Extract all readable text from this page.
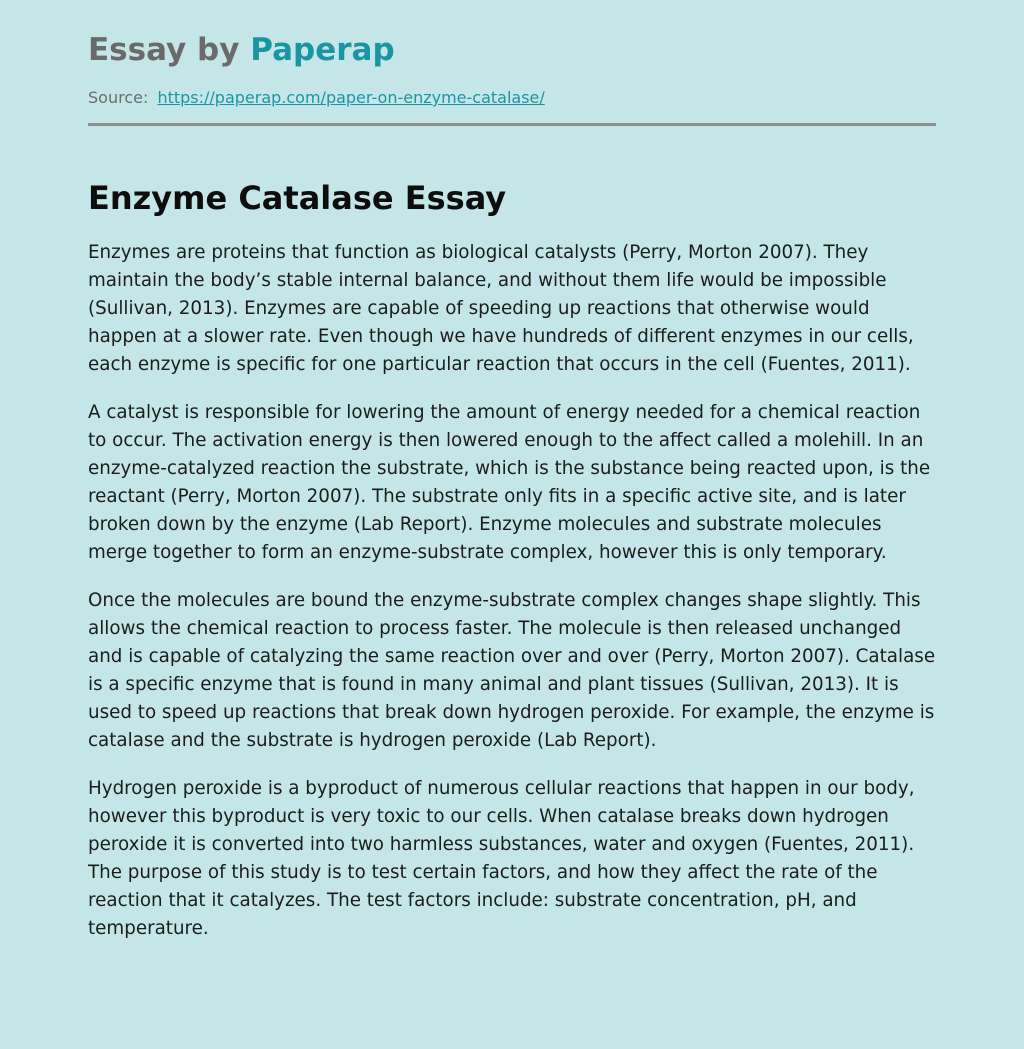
Essay by Paperap
Source: https://paperap.com/paper-on-enzyme-catalase/
Enzyme Catalase Essay

Enzymes are proteins that function as biological catalysts (Perry, Morton 2007). They maintain the body’s stable internal balance, and without them life would be impossible (Sullivan, 2013). Enzymes are capable of speeding up reactions that otherwise would happen at a slower rate. Even though we have hundreds of different enzymes in our cells, each enzyme is specific for one particular reaction that occurs in the cell (Fuentes, 2011).

A catalyst is responsible for lowering the amount of energy needed for a chemical reaction to occur. The activation energy is then lowered enough to the affect called a molehill. In an enzyme-catalyzed reaction the substrate, which is the substance being reacted upon, is the reactant (Perry, Morton 2007). The substrate only fits in a specific active site, and is later broken down by the enzyme (Lab Report). Enzyme molecules and substrate molecules merge together to form an enzyme-substrate complex, however this is only temporary.

Once the molecules are bound the enzyme-substrate complex changes shape slightly. This allows the chemical reaction to process faster. The molecule is then released unchanged and is capable of catalyzing the same reaction over and over (Perry, Morton 2007). Catalase is a specific enzyme that is found in many animal and plant tissues (Sullivan, 2013). It is used to speed up reactions that break down hydrogen peroxide. For example, the enzyme is catalase and the substrate is hydrogen peroxide (Lab Report).

Hydrogen peroxide is a byproduct of numerous cellular reactions that happen in our body, however this byproduct is very toxic to our cells. When catalase breaks down hydrogen peroxide it is converted into two harmless substances, water and oxygen (Fuentes, 2011). The purpose of this study is to test certain factors, and how they affect the rate of the reaction that it catalyzes. The test factors include: substrate concentration, pH, and temperature.
